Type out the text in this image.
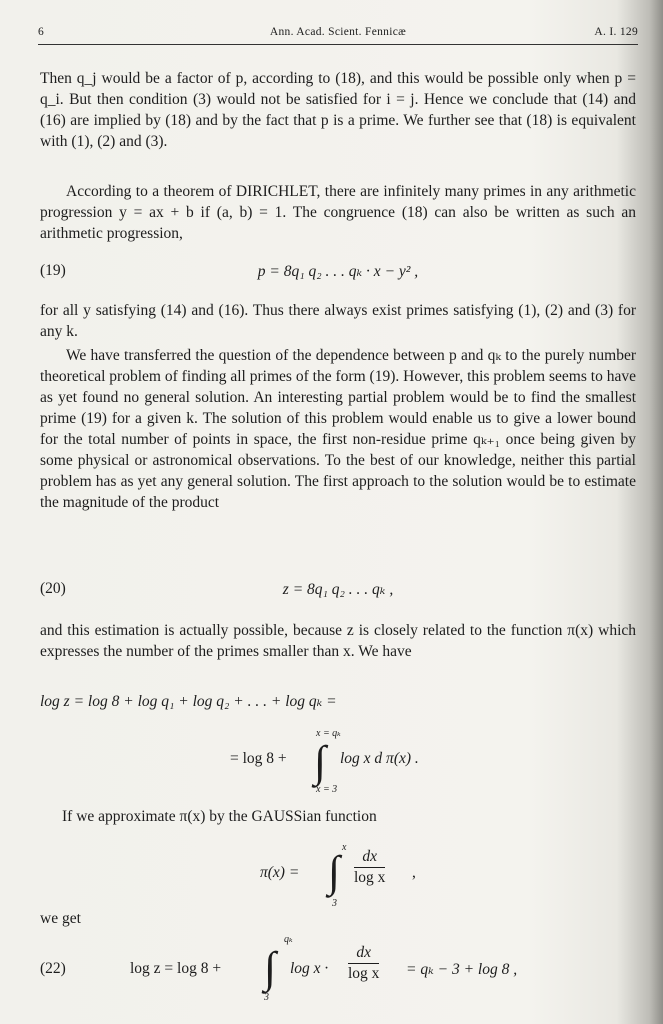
6	Ann. Acad. Scient. Fennicæ	A. I. 129

Then q_j would be a factor of p, according to (18), and this would be possible only when p = q_i. But then condition (3) would not be satisfied for i = j. Hence we conclude that (14) and (16) are implied by (18) and by the fact that p is a prime. We further see that (18) is equivalent with (1), (2) and (3).

According to a theorem of DIRICHLET, there are infinitely many primes in any arithmetic progression y = ax + b if (a, b) = 1. The congruence (18) can also be written as such an arithmetic progression,

(19)	p = 8q₁ q₂ . . . qₖ · x − y² ,

for all y satisfying (14) and (16). Thus there always exist primes satisfying (1), (2) and (3) for any k.

We have transferred the question of the dependence between p and qₖ to the purely number theoretical problem of finding all primes of the form (19). However, this problem seems to have as yet found no general solution. An interesting partial problem would be to find the smallest prime (19) for a given k. The solution of this problem would enable us to give a lower bound for the total number of points in space, the first non-residue prime qₖ₊₁ once being given by some physical or astronomical observations. To the best of our knowledge, neither this partial problem has as yet any general solution. The first approach to the solution would be to estimate the magnitude of the product

(20)	z = 8q₁ q₂ . . . qₖ ,

and this estimation is actually possible, because z is closely related to the function π(x) which expresses the number of the primes smaller than x. We have

log z = log 8 + log q₁ + log q₂ + . . . + log qₖ =
= log 8 +
x = qₖ
∫
x = 3
log x d π(x) .
If we approximate π(x) by the GAUSSian function
π(x) =
x
∫
3
$\frac{dx}{\text{log x}}$ ,
we get
(22)	log z = log 8 +
qₖ
∫
3
$\log x \cdot \frac{dx}{\text{log x}} = q_k - 3 + \log 8$ ,
